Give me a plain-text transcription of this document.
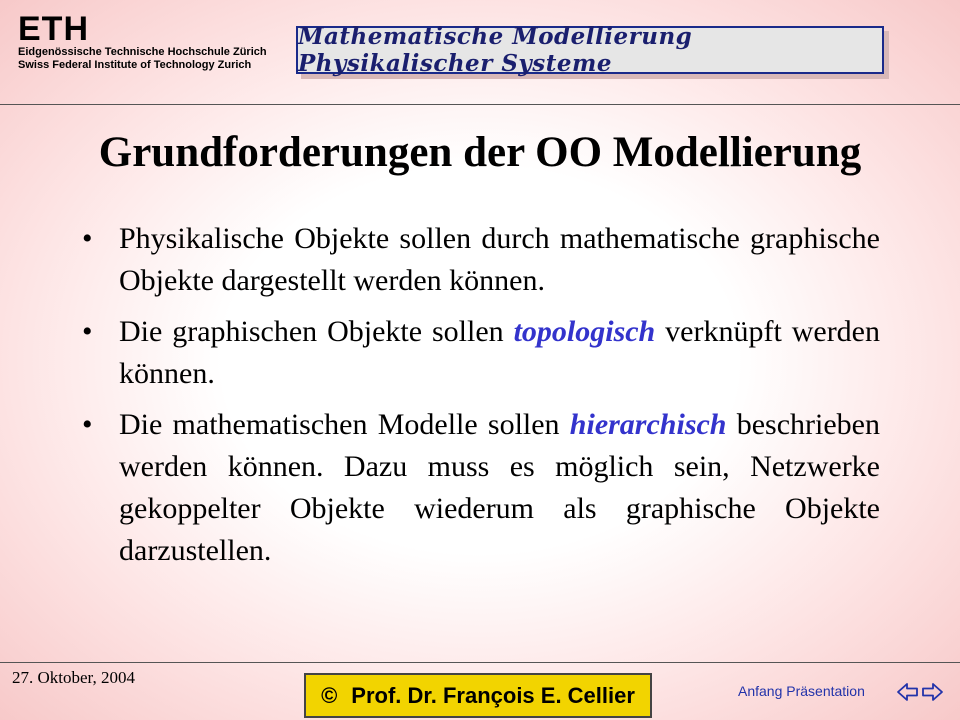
ETH
Eidgenössische Technische Hochschule Zürich
Swiss Federal Institute of Technology Zurich
Mathematische Modellierung Physikalischer Systeme
Grundforderungen der OO Modellierung
• Physikalische Objekte sollen durch mathematische graphische Objekte dargestellt werden können.
• Die graphischen Objekte sollen topologisch verknüpft werden können.
• Die mathematischen Modelle sollen hierarchisch beschrieben werden können. Dazu muss es möglich sein, Netzwerke gekoppelter Objekte wiederum als graphische Objekte darzustellen.
27. Oktober, 2004
© Prof. Dr. François E. Cellier	Anfang Präsentation
